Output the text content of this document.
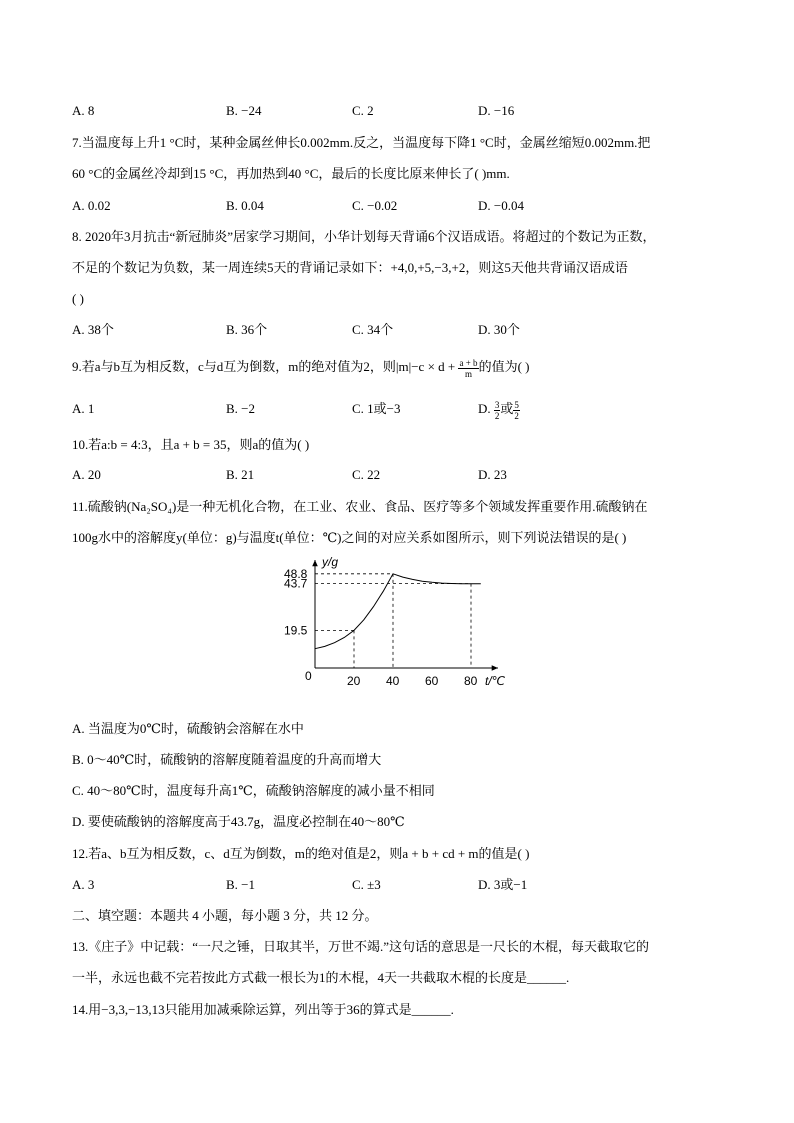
A. 8	B. −24	C. 2	D. −16
7.当温度每上升1 °C时，某种金属丝伸长0.002mm.反之，当温度每下降1 °C时，金属丝缩短0.002mm.把
60 °C的金属丝冷却到15 °C，再加热到40 °C，最后的长度比原来伸长了( )mm.
A. 0.02	B. 0.04	C. −0.02	D. −0.04
8. 2020年3月抗击“新冠肺炎”居家学习期间，小华计划每天背诵6个汉语成语。将超过的个数记为正数，
不足的个数记为负数，某一周连续5天的背诵记录如下：+4,0,+5,−3,+2，则这5天他共背诵汉语成语
( )
A. 38个	B. 36个	C. 34个	D. 30个
9.若a与b互为相反数，c与d互为倒数，m的绝对值为2，则$|m|-c \times d + \frac{a + b}{m}$ 的值为( )
A. 1	B. −2	C. 1或−3	D. $\frac{3}{2}$ 或 $\frac{5}{2}$
10.若a:b = 4:3，且a + b = 35，则a的值为( )
A. 20	B. 21	C. 22	D. 23
11.硫酸钠(Na₂SO₄)是一种无机化合物，在工业、农业、食品、医疗等多个领域发挥重要作用.硫酸钠在
100g水中的溶解度y(单位：g)与温度t(单位：℃)之间的对应关系如图所示，则下列说法错误的是( )
20 40 60 80
19.5
43.7
48.8
y/g
t/℃
0
A. 当温度为0℃时，硫酸钠会溶解在水中
B. 0～40℃时，硫酸钠的溶解度随着温度的升高而增大
C. 40～80℃时，温度每升高1℃，硫酸钠溶解度的减小量不相同
D. 要使硫酸钠的溶解度高于43.7g，温度必控制在40～80℃
12.若a、b互为相反数，c、d互为倒数，m的绝对值是2，则a + b + cd + m的值是( )
A. 3	B. −1	C. ±3	D. 3或−1
二、填空题：本题共 4 小题，每小题 3 分，共 12 分。
13.《庄子》中记载：“一尺之锤，日取其半，万世不竭.”这句话的意思是一尺长的木棍，每天截取它的
一半，永远也截不完若按此方式截一根长为1的木棍，4天一共截取木棍的长度是______.
14.用−3,3,−13,13只能用加减乘除运算，列出等于36的算式是______.
